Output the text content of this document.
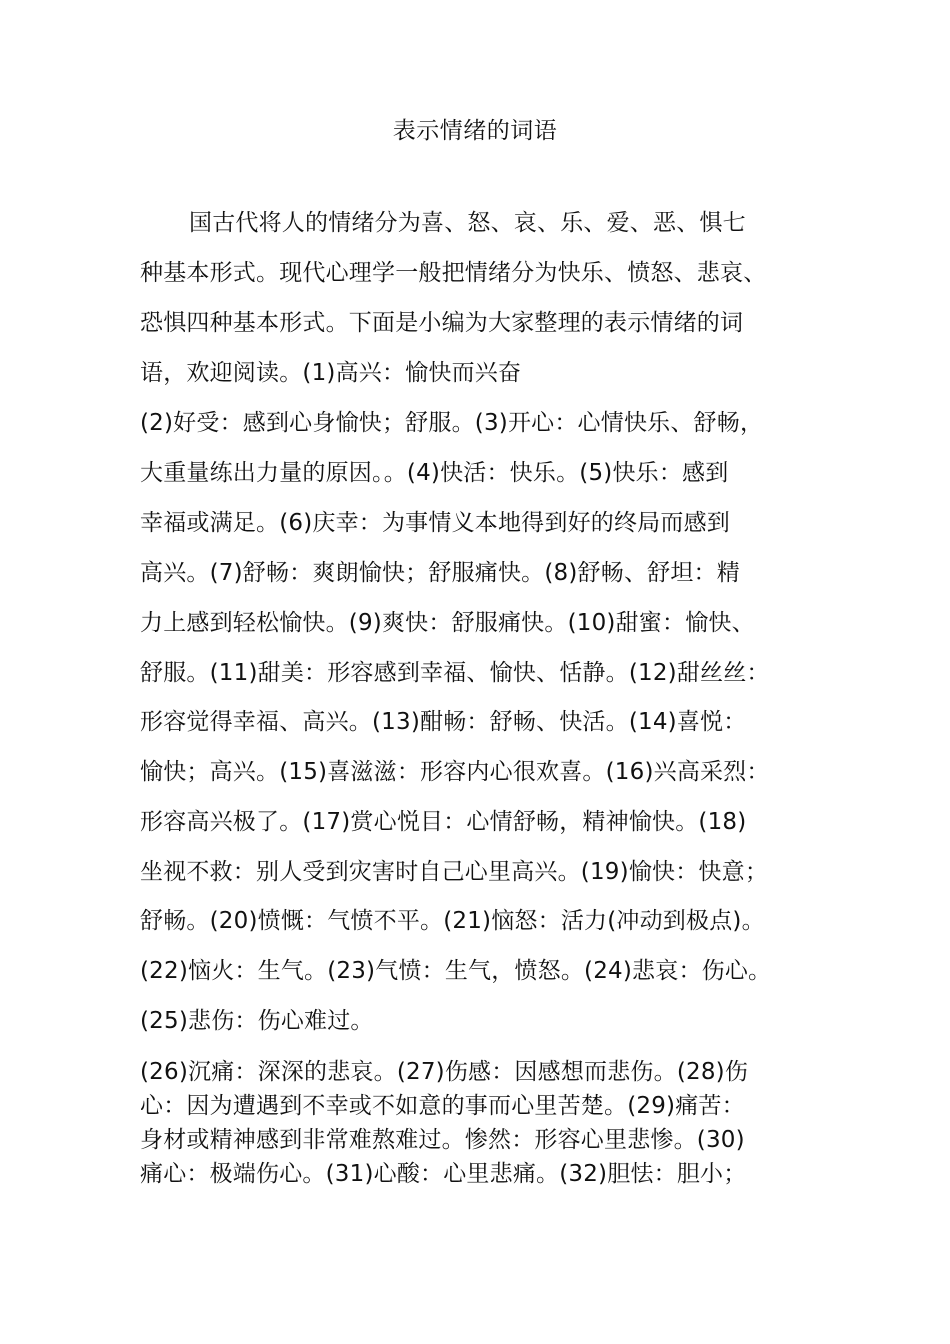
表示情绪的词语
国古代将人的情绪分为喜、怒、哀、乐、爱、恶、惧七
种基本形式。现代心理学一般把情绪分为快乐、愤怒、悲哀、
恐惧四种基本形式。下面是小编为大家整理的表示情绪的词
语，欢迎阅读。(1)高兴：愉快而兴奋
(2)好受：感到心身愉快；舒服。(3)开心：心情快乐、舒畅，
大重量练出力量的原因。。(4)快活：快乐。(5)快乐：感到
幸福或满足。(6)庆幸：为事情义本地得到好的终局而感到
高兴。(7)舒畅：爽朗愉快；舒服痛快。(8)舒畅、舒坦：精
力上感到轻松愉快。(9)爽快：舒服痛快。(10)甜蜜：愉快、
舒服。(11)甜美：形容感到幸福、愉快、恬静。(12)甜丝丝：
形容觉得幸福、高兴。(13)酣畅：舒畅、快活。(14)喜悦：
愉快；高兴。(15)喜滋滋：形容内心很欢喜。(16)兴高采烈：
形容高兴极了。(17)赏心悦目：心情舒畅，精神愉快。(18)
坐视不救：别人受到灾害时自己心里高兴。(19)愉快：快意；
舒畅。(20)愤慨：气愤不平。(21)恼怒：活力(冲动到极点)。
(22)恼火：生气。(23)气愤：生气，愤怒。(24)悲哀：伤心。
(25)悲伤：伤心难过。
(26)沉痛：深深的悲哀。(27)伤感：因感想而悲伤。(28)伤
心：因为遭遇到不幸或不如意的事而心里苦楚。(29)痛苦：
身材或精神感到非常难熬难过。惨然：形容心里悲惨。(30)
痛心：极端伤心。(31)心酸：心里悲痛。(32)胆怯：胆小；
